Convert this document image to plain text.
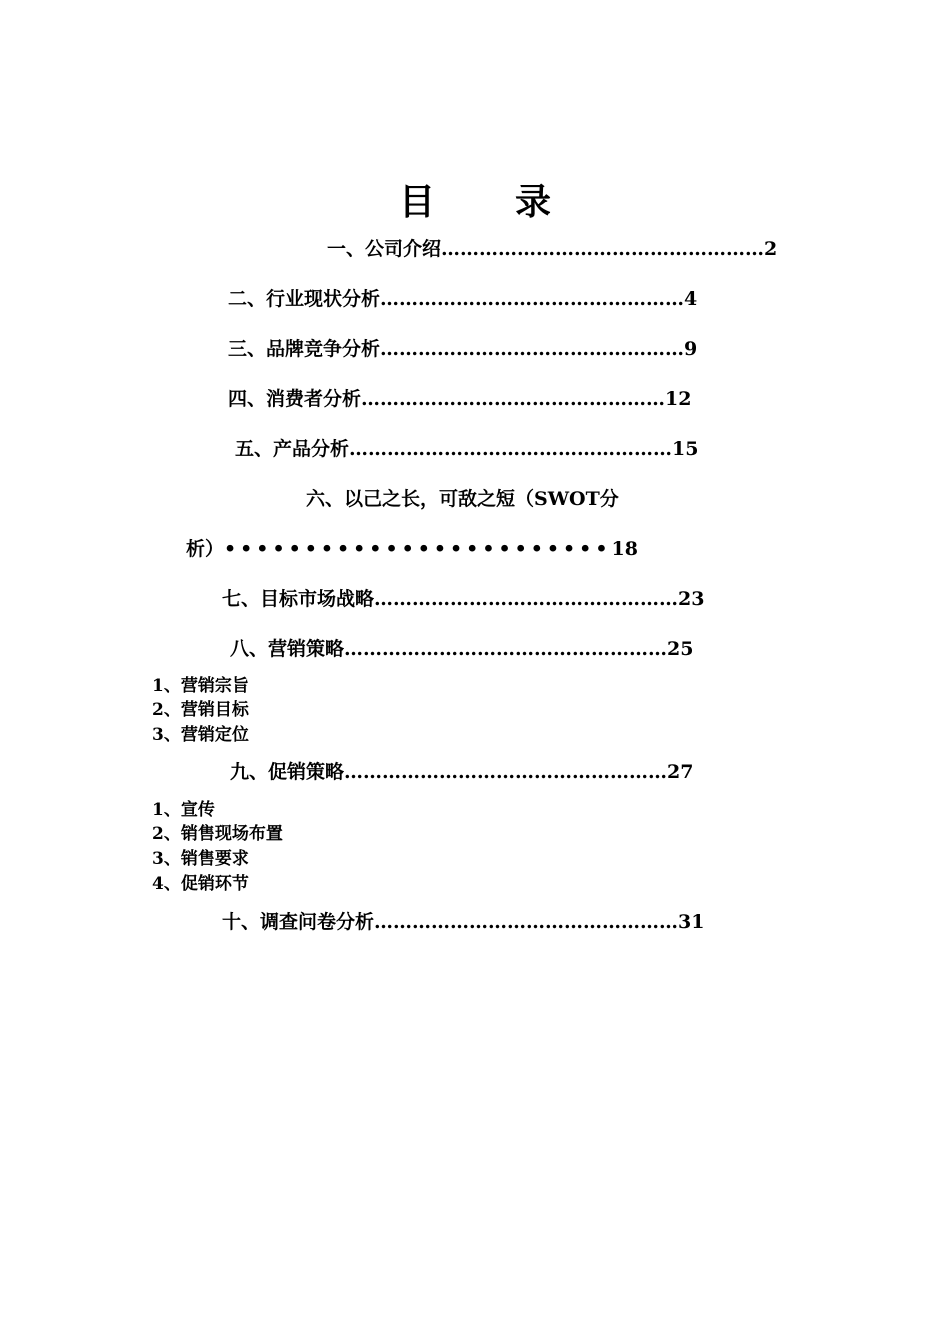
目 录
一、公司介绍……………………………………………2
二、行业现状分析…………………………………………4
三、品牌竞争分析…………………………………………9
四、消费者分析…………………………………………12
五、产品分析……………………………………………15
六、以己之长，可敌之短（SWOT分
析）••••••••••••••••••••••••18
七、目标市场战略…………………………………………23
八、营销策略……………………………………………25
1、营销宗旨
2、营销目标
3、营销定位
九、促销策略……………………………………………27
1、宣传
2、销售现场布置
3、销售要求
4、促销环节
十、调查问卷分析…………………………………………31
